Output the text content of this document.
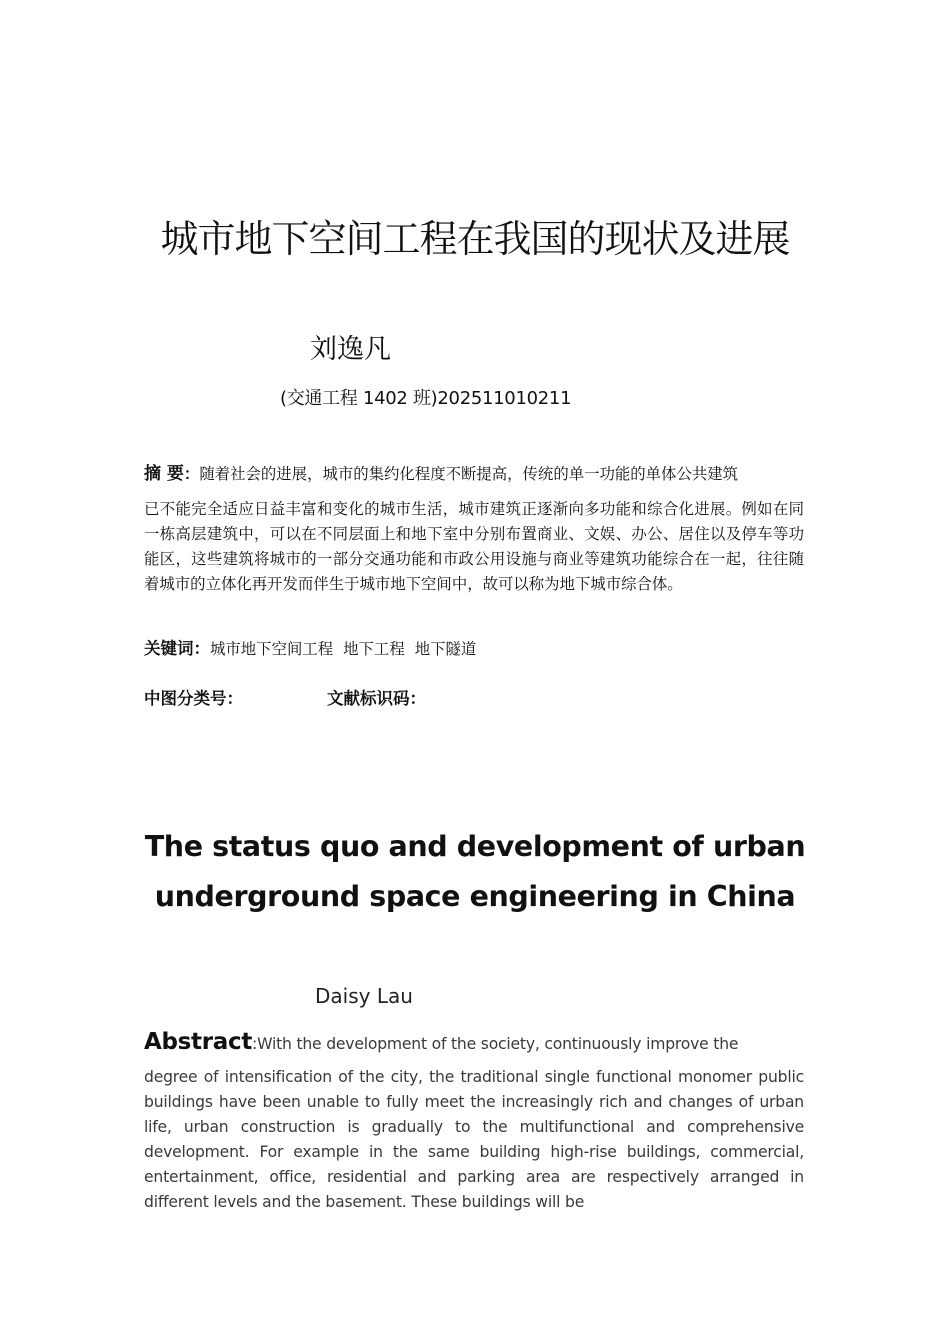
城市地下空间工程在我国的现状及进展

刘逸凡

(交通工程 1402 班)202511010211

摘 要：随着社会的进展，城市的集约化程度不断提高，传统的单一功能的单体公共建筑
已不能完全适应日益丰富和变化的城市生活，城市建筑正逐渐向多功能和综合化进展。例如在同一栋高层建筑中，可以在不同层面上和地下室中分别布置商业、文娱、办公、居住以及停车等功能区，这些建筑将城市的一部分交通功能和市政公用设施与商业等建筑功能综合在一起，往往随着城市的立体化再开发而伴生于城市地下空间中，故可以称为地下城市综合体。

关键词：城市地下空间工程 地下工程 地下隧道

中图分类号：	文献标识码：

The status quo and development of urban
underground space engineering in China

Daisy Lau

Abstract:With the development of the society, continuously improve the
degree of intensification of the city, the traditional single functional monomer public buildings have been unable to fully meet the increasingly rich and changes of urban life, urban construction is gradually to the multifunctional and comprehensive development. For example in the same building high-rise buildings, commercial, entertainment, office, residential and parking area are respectively arranged in different levels and the basement. These buildings will be
